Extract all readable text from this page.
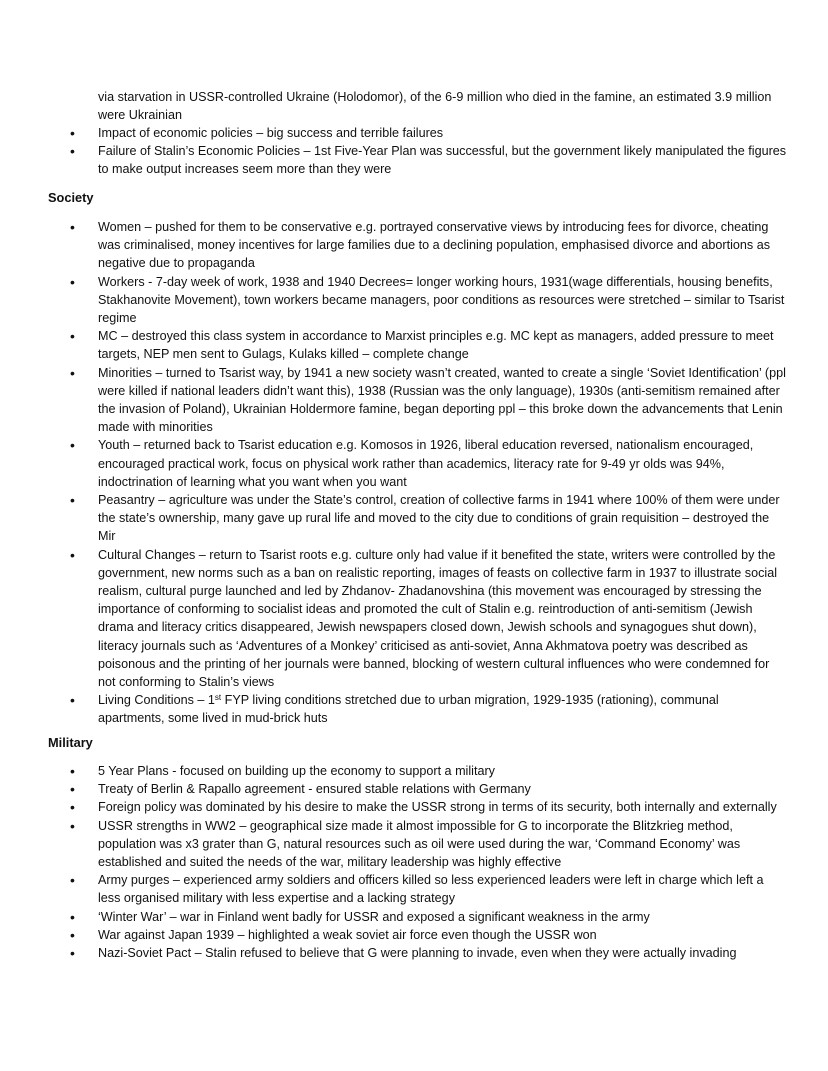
via starvation in USSR-controlled Ukraine (Holodomor), of the 6-9 million who died in the famine, an estimated 3.9 million were Ukrainian
• Impact of economic policies – big success and terrible failures
• Failure of Stalin’s Economic Policies – 1st Five-Year Plan was successful, but the government likely manipulated the figures to make output increases seem more than they were
Society
• Women – pushed for them to be conservative e.g. portrayed conservative views by introducing fees for divorce, cheating was criminalised, money incentives for large families due to a declining population, emphasised divorce and abortions as negative due to propaganda
• Workers - 7-day week of work, 1938 and 1940 Decrees= longer working hours, 1931(wage differentials, housing benefits, Stakhanovite Movement), town workers became managers, poor conditions as resources were stretched – similar to Tsarist regime
• MC – destroyed this class system in accordance to Marxist principles e.g. MC kept as managers, added pressure to meet targets, NEP men sent to Gulags, Kulaks killed – complete change
• Minorities – turned to Tsarist way, by 1941 a new society wasn’t created, wanted to create a single ‘Soviet Identification’ (ppl were killed if national leaders didn’t want this), 1938 (Russian was the only language), 1930s (anti-semitism remained after the invasion of Poland), Ukrainian Holdermore famine, began deporting ppl – this broke down the advancements that Lenin made with minorities
• Youth – returned back to Tsarist education e.g. Komosos in 1926, liberal education reversed, nationalism encouraged, encouraged practical work, focus on physical work rather than academics, literacy rate for 9-49 yr olds was 94%, indoctrination of learning what you want when you want
• Peasantry – agriculture was under the State’s control, creation of collective farms in 1941 where 100% of them were under the state’s ownership, many gave up rural life and moved to the city due to conditions of grain requisition – destroyed the Mir
• Cultural Changes – return to Tsarist roots e.g. culture only had value if it benefited the state, writers were controlled by the government, new norms such as a ban on realistic reporting, images of feasts on collective farm in 1937 to illustrate social realism, cultural purge launched and led by Zhdanov- Zhadanovshina (this movement was encouraged by stressing the importance of conforming to socialist ideas and promoted the cult of Stalin e.g. reintroduction of anti-semitism (Jewish drama and literacy critics disappeared, Jewish newspapers closed down, Jewish schools and synagogues shut down), literacy journals such as ‘Adventures of a Monkey’ criticised as anti-soviet, Anna Akhmatova poetry was described as poisonous and the printing of her journals were banned, blocking of western cultural influences who were condemned for not conforming to Stalin’s views
• Living Conditions – 1st FYP living conditions stretched due to urban migration, 1929-1935 (rationing), communal apartments, some lived in mud-brick huts
Military
• 5 Year Plans - focused on building up the economy to support a military
• Treaty of Berlin & Rapallo agreement - ensured stable relations with Germany
• Foreign policy was dominated by his desire to make the USSR strong in terms of its security, both internally and externally
• USSR strengths in WW2 – geographical size made it almost impossible for G to incorporate the Blitzkrieg method, population was x3 grater than G, natural resources such as oil were used during the war, ‘Command Economy’ was established and suited the needs of the war, military leadership was highly effective
• Army purges – experienced army soldiers and officers killed so less experienced leaders were left in charge which left a less organised military with less expertise and a lacking strategy
• ‘Winter War’ – war in Finland went badly for USSR and exposed a significant weakness in the army
• War against Japan 1939 – highlighted a weak soviet air force even though the USSR won
• Nazi-Soviet Pact – Stalin refused to believe that G were planning to invade, even when they were actually invading
